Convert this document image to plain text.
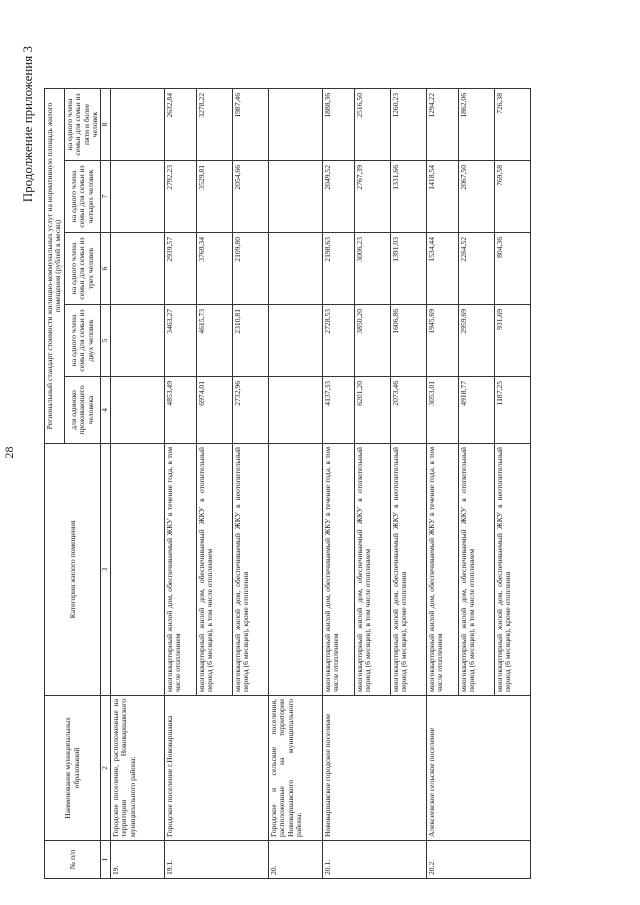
28
Продолжение приложения 3
№ п/п	Наименование муниципальных образований	Категории жилого помещения	Региональный стандарт стоимости жилищно-коммунальных услуг на нормативную площадь жилого помещения (рублей в месяц)				
			для одиноко проживающего человека	на одного члена семьи для семьи из двух человек	на одного члена семьи для семьи из трех человек	на одного члена семьи для семьи из четырех человек	на одного члена семьи для семьи из пяти и более человек
1	2	3	4	5	6	7	8
19.	Городское поселение, расположенные на территории Нововаршавского муниципального района:						
19.1.	Городское поселение г.Нововаршавка	многоквартирный жилой дом, обеспечиваемый ЖКУ в течение года, в том числе отоплением	4853,49	3463,27	2939,57	2792,23	2632,84
		многоквартирный жилой дом, обеспечиваемый ЖКУ в отопительный период (6 месяцев), в том числе отоплением	6974,01	4615,73	3769,34	3529,81	3278,22
		многоквартирный жилой дом, обеспечиваемый ЖКУ в неотопительный период (6 месяцев), кроме отопления	2732,96	2310,81	2109,80	2054,66	1987,46
20.	Городское и сельские поселения, расположенные на территории Нововаршавского муниципального района:						
20.1.	Нововаршавское городское поселение	многоквартирный жилой дом, обеспечиваемый ЖКУ в течение года, в том числе отоплением	4137,33	2728,53	2198,63	2049,52	1888,36
		многоквартирный жилой дом, обеспечиваемый ЖКУ в отопительный период (6 месяцев), в том числе отоплением	6201,20	3850,20	3006,23	2767,39	2516,50
		многоквартирный жилой дом, обеспечиваемый ЖКУ в неотопительный период (6 месяцев), кроме отопления	2073,46	1606,86	1391,03	1331,66	1260,23
20.2.	Алексеевское сельское поселение	многоквартирный жилой дом, обеспечиваемый ЖКУ в течение года, в том числе отоплением	3053,01	1945,69	1534,44	1418,54	1294,22
		многоквартирный жилой дом, обеспечиваемый ЖКУ в отопительный период (6 месяцев), в том числе отоплением	4918,77	2959,69	2264,52	2067,50	1862,06
		многоквартирный жилой дом, обеспечиваемый ЖКУ в неотопительный период (6 месяцев), кроме отопления	1187,25	931,69	804,36	769,58	726,38
